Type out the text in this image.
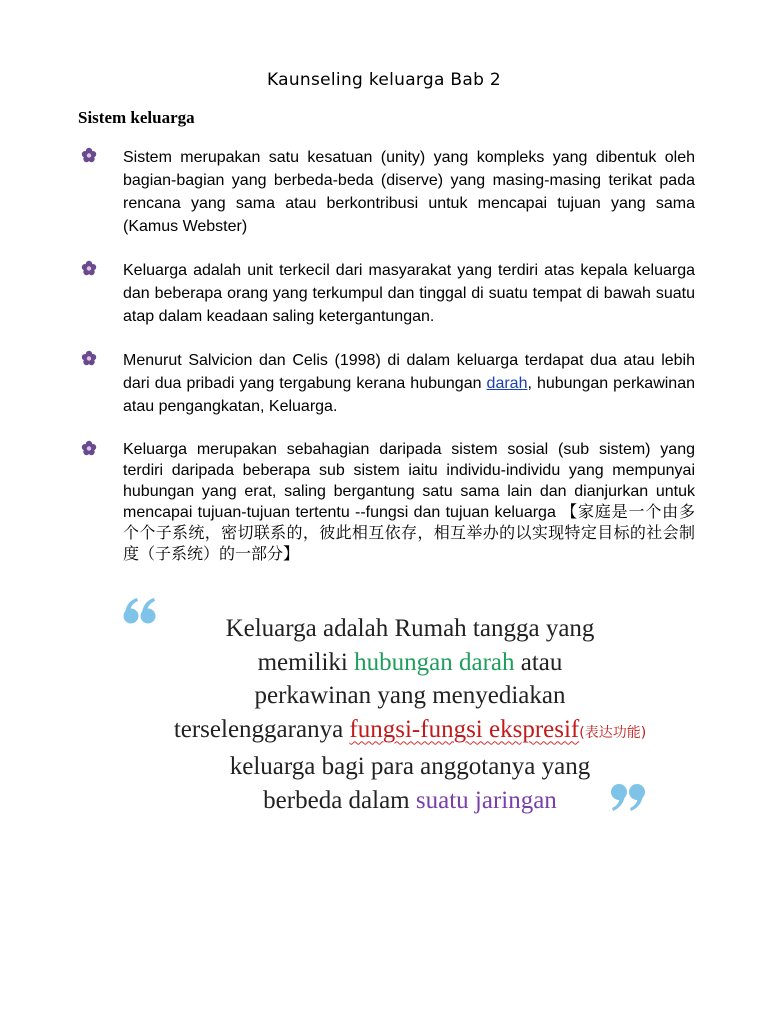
Kaunseling keluarga Bab 2
Sistem keluarga
Sistem merupakan satu kesatuan (unity) yang kompleks yang dibentuk oleh bagian-bagian yang berbeda-beda (diserve) yang masing-masing terikat pada rencana yang sama atau berkontribusi untuk mencapai tujuan yang sama (Kamus Webster)
Keluarga adalah unit terkecil dari masyarakat yang terdiri atas kepala keluarga dan beberapa orang yang terkumpul dan tinggal di suatu tempat di bawah suatu atap dalam keadaan saling ketergantungan.
Menurut Salvicion dan Celis (1998) di dalam keluarga terdapat dua atau lebih dari dua pribadi yang tergabung kerana hubungan darah, hubungan perkawinan atau pengangkatan, Keluarga.
Keluarga merupakan sebahagian daripada sistem sosial (sub sistem) yang terdiri daripada beberapa sub sistem iaitu individu-individu yang mempunyai hubungan yang erat, saling bergantung satu sama lain dan dianjurkan untuk mencapai tujuan-tujuan tertentu --fungsi dan tujuan keluarga 【家庭是一个由多个个子系统，密切联系的，彼此相互依存，相互举办的以实现特定目标的社会制度（子系统）的一部分】
Keluarga adalah Rumah tangga yang
memiliki hubungan darah atau
perkawinan yang menyediakan
terselenggaranya fungsi-fungsi ekspresif(表达功能)
keluarga bagi para anggotanya yang
berbeda dalam suatu jaringan
